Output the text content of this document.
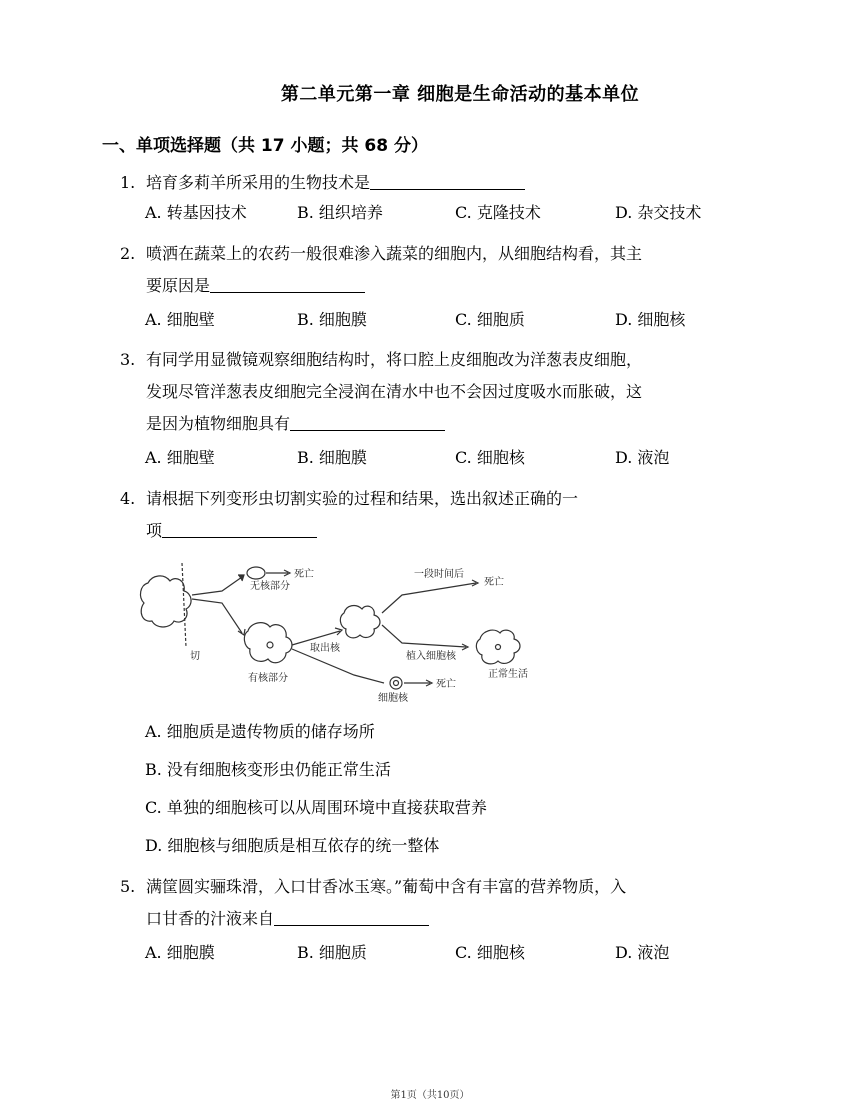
第二单元第一章 细胞是生命活动的基本单位
一、单项选择题（共 17 小题；共 68 分）
1. 培育多莉羊所采用的生物技术是
A. 转基因技术	B. 组织培养	C. 克隆技术	D. 杂交技术
2. 喷洒在蔬菜上的农药一般很难渗入蔬菜的细胞内，从细胞结构看，其主
要原因是
A. 细胞壁	B. 细胞膜	C. 细胞质	D. 细胞核
3. 有同学用显微镜观察细胞结构时，将口腔上皮细胞改为洋葱表皮细胞，
发现尽管洋葱表皮细胞完全浸润在清水中也不会因过度吸水而胀破，这
是因为植物细胞具有
A. 细胞壁	B. 细胞膜	C. 细胞核	D. 液泡
4. 请根据下列变形虫切割实验的过程和结果，选出叙述正确的一
项
切
无核部分
死亡
有核部分
取出核
一段时间后
死亡
植入细胞核
正常生活
细胞核
死亡
A. 细胞质是遗传物质的储存场所
B. 没有细胞核变形虫仍能正常生活
C. 单独的细胞核可以从周围环境中直接获取营养
D. 细胞核与细胞质是相互依存的统一整体
5. 满筐圆实骊珠滑，入口甘香冰玉寒。”葡萄中含有丰富的营养物质，入
口甘香的汁液来自
A. 细胞膜	B. 细胞质	C. 细胞核	D. 液泡
第1页（共10页）
